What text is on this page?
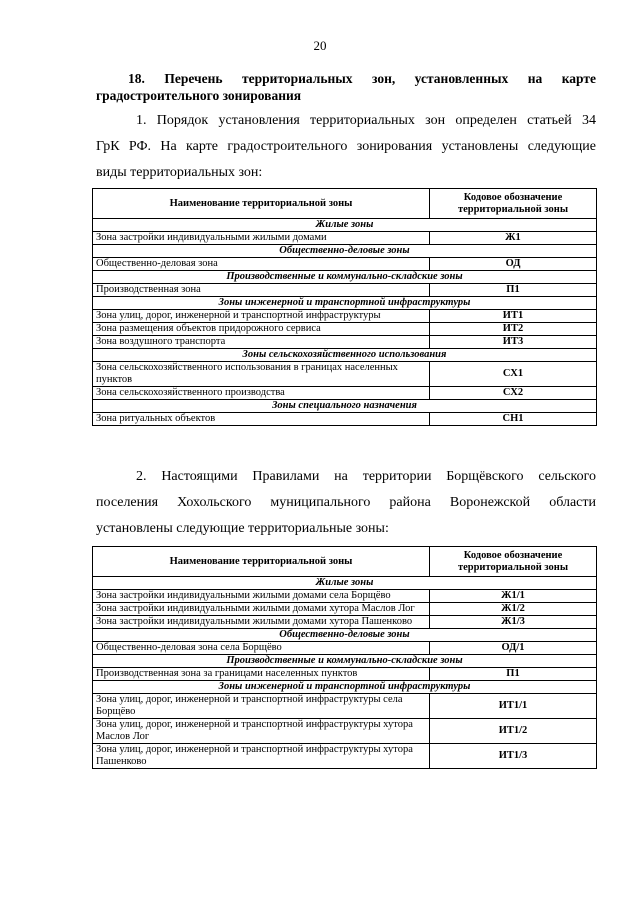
20
18. Перечень территориальных зон, установленных на карте
градостроительного зонирования
1. Порядок установления территориальных зон определен статьей 34
ГрК РФ. На карте градостроительного зонирования установлены следующие
виды территориальных зон:
Наименование территориальной зоны	Кодовое обозначение территориальной зоны
Жилые зоны	
Зона застройки индивидуальными жилыми домами	Ж1
Общественно-деловые зоны	
Общественно-деловая зона	ОД
Производственные и коммунально-складские зоны	
Производственная зона	П1
Зоны инженерной и транспортной инфраструктуры	
Зона улиц, дорог, инженерной и транспортной инфраструктуры	ИТ1
Зона размещения объектов придорожного сервиса	ИТ2
Зона воздушного транспорта	ИТ3
Зоны сельскохозяйственного использования	
Зона сельскохозяйственного использования в границах населенных пунктов	СХ1
Зона сельскохозяйственного производства	СХ2
Зоны специального назначения	
Зона ритуальных объектов	СН1
2. Настоящими Правилами на территории Борщёвского сельского
поселения Хохольского муниципального района Воронежской области
установлены следующие территориальные зоны:
Наименование территориальной зоны	Кодовое обозначение территориальной зоны
Жилые зоны	
Зона застройки индивидуальными жилыми домами села Борщёво	Ж1/1
Зона застройки индивидуальными жилыми домами хутора Маслов Лог	Ж1/2
Зона застройки индивидуальными жилыми домами хутора Пашенково	Ж1/3
Общественно-деловые зоны	
Общественно-деловая зона села Борщёво	ОД/1
Производственные и коммунально-складские зоны	
Производственная зона за границами населенных пунктов	П1
Зоны инженерной и транспортной инфраструктуры	
Зона улиц, дорог, инженерной и транспортной инфраструктуры села Борщёво	ИТ1/1
Зона улиц, дорог, инженерной и транспортной инфраструктуры хутора Маслов Лог	ИТ1/2
Зона улиц, дорог, инженерной и транспортной инфраструктуры хутора Пашенково	ИТ1/3
